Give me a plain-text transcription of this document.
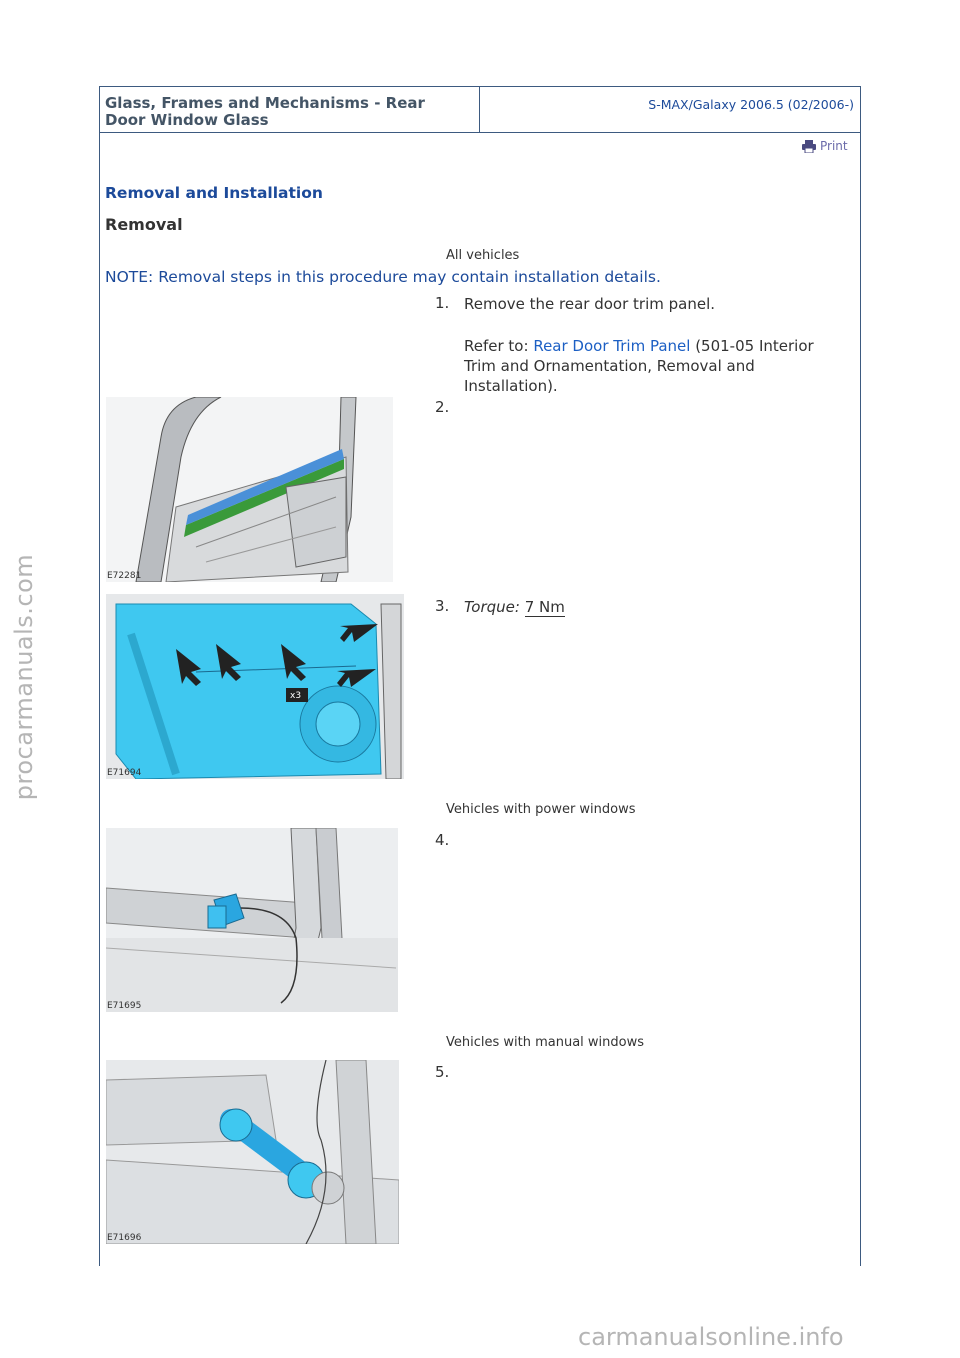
Glass, Frames and Mechanisms - Rear
Door Window Glass
S-MAX/Galaxy 2006.5 (02/2006-)
Print
Removal and Installation
Removal
All vehicles
NOTE: Removal steps in this procedure may contain installation details.
1. Remove the rear door trim panel.
Refer to: Rear Door Trim Panel (501-05 Interior Trim and Ornamentation, Removal and Installation).
E72281
2.
x3
E71694
3. Torque: 7 Nm
Vehicles with power windows
E71695
4.
Vehicles with manual windows
E71696
5.
procarmanuals.com
carmanualsonline.info
